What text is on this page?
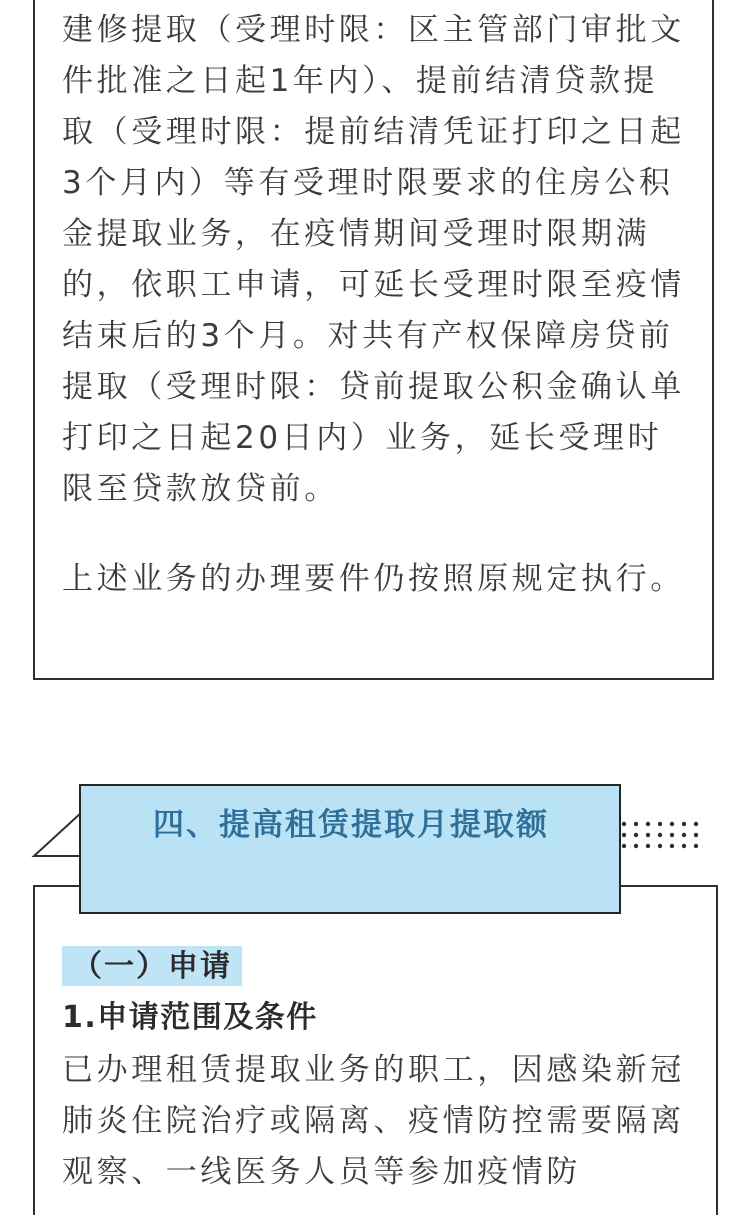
建修提取（受理时限：区主管部门审批文件批准之日起1年内）、提前结清贷款提取（受理时限：提前结清凭证打印之日起3个月内）等有受理时限要求的住房公积金提取业务，在疫情期间受理时限期满的，依职工申请，可延长受理时限至疫情结束后的3个月。对共有产权保障房贷前提取（受理时限：贷前提取公积金确认单打印之日起20日内）业务，延长受理时限至贷款放贷前。

上述业务的办理要件仍按照原规定执行。

四、提高租赁提取月提取额

（一）申请

1.申请范围及条件

已办理租赁提取业务的职工，因感染新冠肺炎住院治疗或隔离、疫情防控需要隔离观察、一线医务人员等参加疫情防
